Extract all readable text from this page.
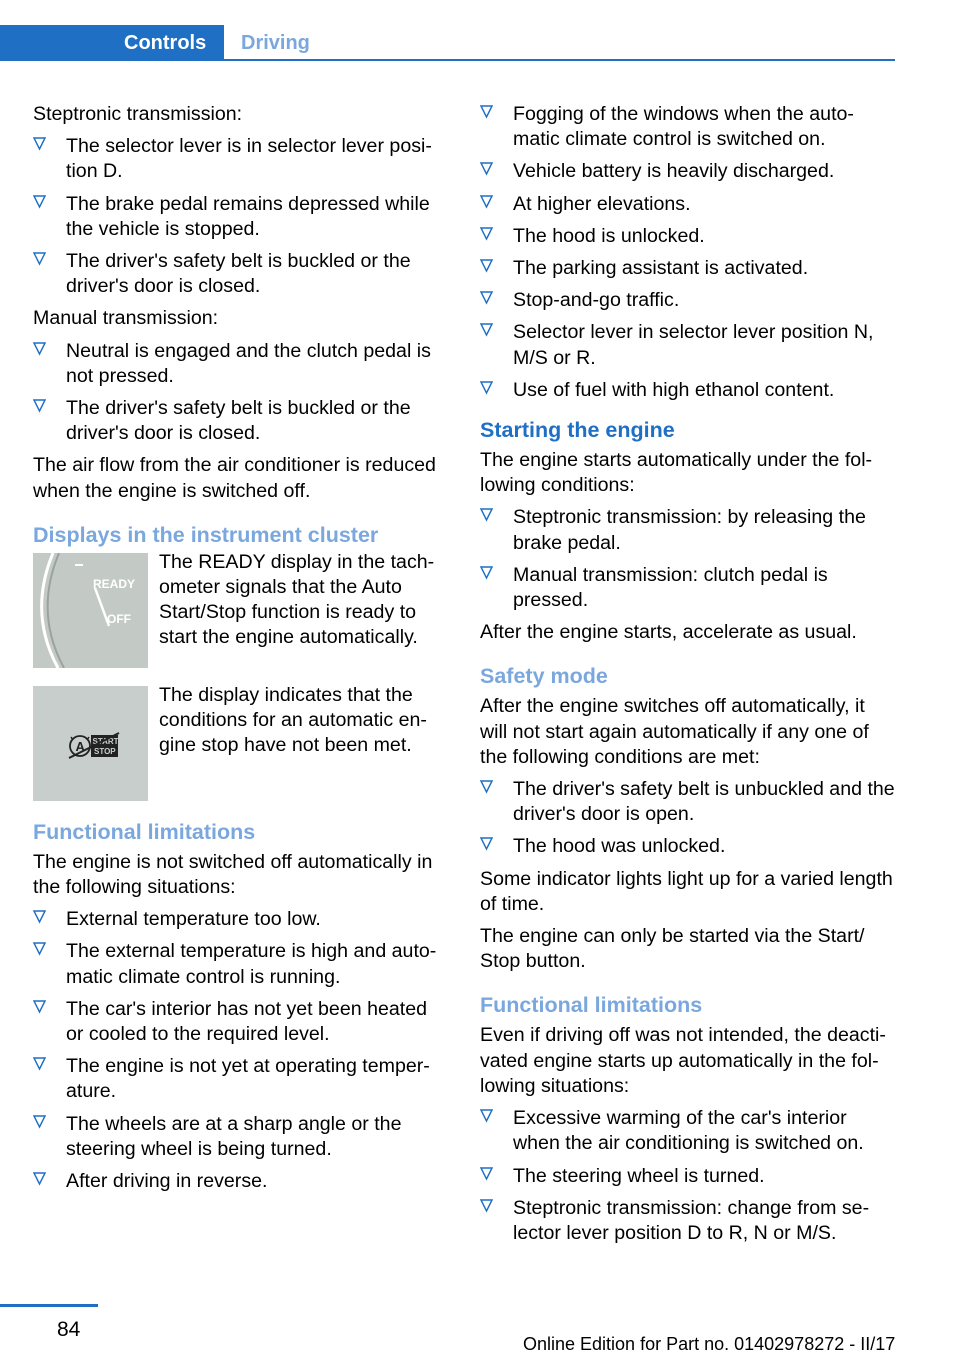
Controls	Driving
Steptronic transmission:
The selector lever is in selector lever posi‐tion D.
The brake pedal remains depressed while the vehicle is stopped.
The driver's safety belt is buckled or the driver's door is closed.
Manual transmission:
Neutral is engaged and the clutch pedal is not pressed.
The driver's safety belt is buckled or the driver's door is closed.
The air flow from the air conditioner is reduced when the engine is switched off.
Displays in the instrument cluster
READY
OFF
The READY display in the tach‐ometer signals that the Auto Start/Stop function is ready to start the engine automatically.
A START
STOP
The display indicates that the conditions for an automatic en‐gine stop have not been met.
Functional limitations
The engine is not switched off automatically in the following situations:
External temperature too low.
The external temperature is high and auto‐matic climate control is running.
The car's interior has not yet been heated or cooled to the required level.
The engine is not yet at operating temper‐ature.
The wheels are at a sharp angle or the steering wheel is being turned.
After driving in reverse.
Fogging of the windows when the auto‐matic climate control is switched on.
Vehicle battery is heavily discharged.
At higher elevations.
The hood is unlocked.
The parking assistant is activated.
Stop-and-go traffic.
Selector lever in selector lever position N, M/S or R.
Use of fuel with high ethanol content.
Starting the engine
The engine starts automatically under the fol‐lowing conditions:
Steptronic transmission: by releasing the brake pedal.
Manual transmission: clutch pedal is pressed.
After the engine starts, accelerate as usual.
Safety mode
After the engine switches off automatically, it will not start again automatically if any one of the following conditions are met:
The driver's safety belt is unbuckled and the driver's door is open.
The hood was unlocked.
Some indicator lights light up for a varied length of time.
The engine can only be started via the Start/ Stop button.
Functional limitations
Even if driving off was not intended, the deacti‐vated engine starts up automatically in the fol‐lowing situations:
Excessive warming of the car's interior when the air conditioning is switched on.
The steering wheel is turned.
Steptronic transmission: change from se‐lector lever position D to R, N or M/S.
84
Online Edition for Part no. 01402978272 - II/17
